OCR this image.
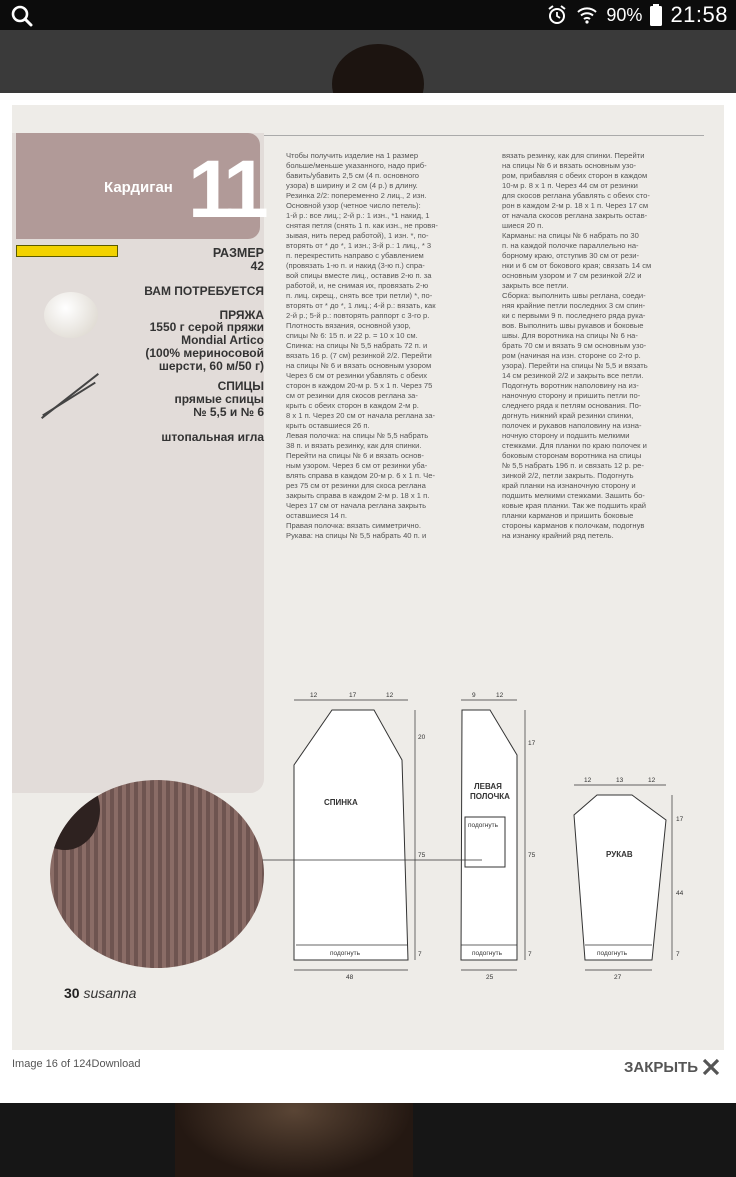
90% 21:58
Кардиган 11
РАЗМЕР
42
ВАМ ПОТРЕБУЕТСЯ
ПРЯЖА
1550 г серой пряжи
Mondial Artico
(100% мериносовой
шерсти, 60 м/50 г)
СПИЦЫ
прямые спицы
№ 5,5 и № 6
штопальная игла
Чтобы получить изделие на 1 размер
больше/меньше указанного, надо приб-
бавить/убавить 2,5 см (4 п. основного
узора) в ширину и 2 см (4 р.) в длину.
Резинка 2/2: попеременно 2 лиц., 2 изн.
Основной узор (четное число петель):
1-й р.: все лиц.; 2-й р.: 1 изн., *1 накид, 1
снятая петля (снять 1 п. как изн., не провя-
зывая, нить перед работой), 1 изн. *, по-
вторять от * до *, 1 изн.; 3-й р.: 1 лиц., * 3
п. перекрестить направо с убавлением
(провязать 1-ю п. и накид (3-ю п.) спра-
вой спицы вместе лиц., оставив 2-ю п. за
работой, и, не снимая их, провязать 2-ю
п. лиц. скрещ., снять все три петли) *, по-
вторять от * до *, 1 лиц.; 4-й р.: вязать, как
2-й р.; 5-й р.: повторять раппорт с 3-го р.
Плотность вязания, основной узор,
спицы № 6: 15 п. и 22 р. = 10 х 10 см.
Спинка: на спицы № 5,5 набрать 72 п. и
вязать 16 р. (7 см) резинкой 2/2. Перейти
на спицы № 6 и вязать основным узором
Через 6 см от резинки убавлять с обеих
сторон в каждом 20-м р. 5 х 1 п. Через 75
см от резинки для скосов реглана за-
крыть с обеих сторон в каждом 2-м р.
8 х 1 п. Через 20 см от начала реглана за-
крыть оставшиеся 26 п.
Левая полочка: на спицы № 5,5 набрать
38 п. и вязать резинку, как для спинки.
Перейти на спицы № 6 и вязать основ-
ным узором. Через 6 см от резинки уба-
влять справа в каждом 20-м р. 6 х 1 п. Че-
рез 75 см от резинки для скоса реглана
закрыть справа в каждом 2-м р. 18 х 1 п.
Через 17 см от начала реглана закрыть
оставшиеся 14 п.
Правая полочка: вязать симметрично.
Рукава: на спицы № 5,5 набрать 40 п. и
вязать резинку, как для спинки. Перейти
на спицы № 6 и вязать основным узо-
ром, прибавляя с обеих сторон в каждом
10-м р. 8 х 1 п. Через 44 см от резинки
для скосов реглана убавлять с обеих сто-
рон в каждом 2-м р. 18 х 1 п. Через 17 см
от начала скосов реглана закрыть остав-
шиеся 20 п.
Карманы: на спицы № 6 набрать по 30
п. на каждой полочке параллельно на-
борному краю, отступив 30 см от рези-
нки и 6 см от бокового края; связать 14 см
основным узором и 7 см резинкой 2/2 и
закрыть все петли.
Сборка: выполнить швы реглана, соеди-
няя крайние петли последних 3 см спин-
ки с первыми 9 п. последнего ряда рука-
вов. Выполнить швы рукавов и боковые
швы. Для воротника на спицы № 6 на-
брать 70 см и вязать 9 см основным узо-
ром (начиная на изн. стороне со 2-го р.
узора). Перейти на спицы № 5,5 и вязать
14 см резинкой 2/2 и закрыть все петли.
Подогнуть воротник наполовину на из-
наночную сторону и пришить петли по-
следнего ряда к петлям основания. По-
догнуть нижний край резинки спинки,
полочек и рукавов наполовину на изна-
ночную сторону и подшить мелкими
стежками. Для планки по краю полочек и
боковым сторонам воротника на спицы
№ 5,5 набрать 196 п. и связать 12 р. ре-
зинкой 2/2, петли закрыть. Подогнуть
край планки на изнаночную сторону и
подшить мелкими стежками. Зашить бо-
ковые края планки. Так же подшить край
планки карманов и пришить боковые
стороны карманов к полочкам, подогнув
на изнанку крайний ряд петель.
СПИНКА
ЛЕВАЯ
ПОЛОЧКА
РУКАВ
подогнуть	подогнуть	подогнуть
подогнуть
12	17	12
20
75
7
48
9	12
17
75
7
25
12	13	12
17
44
7
27
30 susanna
Image 16 of 124Download	ЗАКРЫТЬ
